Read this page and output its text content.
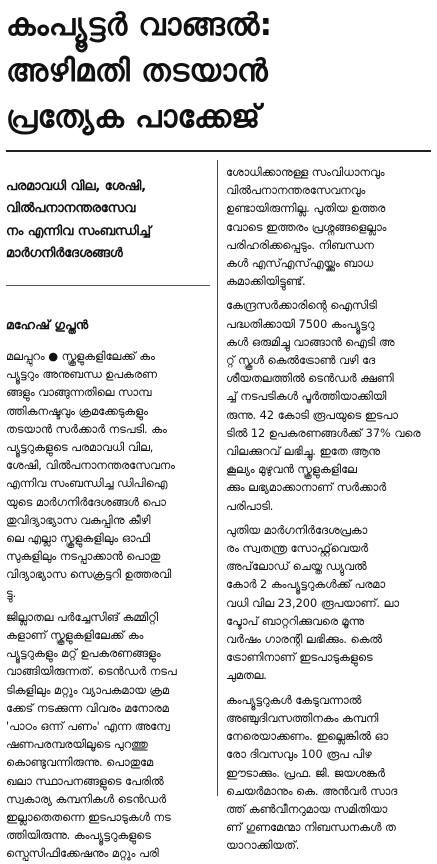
കംപ്യൂട്ടർ വാങ്ങൽ:
അഴിമതി തടയാൻ
പ്രത്യേക പാക്കേജ്
പരമാവധി വില, ശേഷി,
വിൽപനാനന്തരസേവ
നം എന്നിവ സംബന്ധിച്ച്
മാർഗനിർദേശങ്ങൾ
മഹേഷ് ഗുപ്തൻ

മലപ്പുറം ● സ്കൂളുകളിലേക്ക് കം
പ്യൂട്ടറും അനുബന്ധ ഉപകരണ
ങ്ങളും വാങ്ങുന്നതിലെ സാമ്പ
ത്തികനഷ്ടവും ക്രമക്കേടുകളും
തടയാൻ സർക്കാർ നടപടി. കം
പ്യൂട്ടറുകളുടെ പരമാവധി വില,
ശേഷി, വിൽപനാനന്തരസേവനം
എന്നിവ സംബന്ധിച്ച ഡിപിഐ
യുടെ മാർഗനിർദേശങ്ങൾ പൊ
തുവിദ്യാഭ്യാസ വകുപ്പിനു കീഴി
ലെ എല്ലാ സ്കൂളുകളിലും ഓഫി
സുകളിലും നടപ്പാക്കാൻ പൊതു
വിദ്യാഭ്യാസ സെക്രട്ടറി ഉത്തരവി
ട്ടു.

ജില്ലാതല പർച്ചേസിങ് കമ്മിറ്റി
കളാണ് സ്കൂളുകളിലേക്ക് കം
പ്യൂട്ടറുകളും മറ്റ് ഉപകരണങ്ങളും
വാങ്ങിയിരുന്നത്. ടെൻഡർ നടപ
ടികളിലും മറ്റും വ്യാപകമായ ക്രമ
ക്കേട് നടക്കുന്ന വിവരം മനോരമ
'പാഠം ഒന്ന് പണം' എന്ന അന്വേ
ഷണപരമ്പരയിലൂടെ പുറത്തു
കൊണ്ടുവന്നിരുന്നു. പൊതുമേ
ഖലാ സ്ഥാപനങ്ങളുടെ പേരിൽ
സ്വകാര്യ കമ്പനികൾ ടെൻഡർ
ഇല്ലാതെതന്നെ ഇടപാടുകൾ നട
ത്തിയിരുന്നു. കംപ്യൂട്ടറുകളുടെ
സ്പെസിഫിക്കേഷനും മറ്റും പരി

ശോധിക്കാനുള്ള സംവിധാനവും
വിൽപനാനന്തരസേവനവും
ഉണ്ടായിരുന്നില്ല. പുതിയ ഉത്തര
വോടെ ഇത്തരം പ്രശ്നങ്ങളെല്ലാം
പരിഹരിക്കപ്പെടും. നിബന്ധന
കൾ എസ്എസ്എയ്ക്കും ബാധ
കമാക്കിയിട്ടുണ്ട്.

കേന്ദ്രസർക്കാരിന്റെ ഐസിടി
പദ്ധതിക്കായി 7500 കംപ്യൂട്ടറു
കൾ ഒരുമിച്ചു വാങ്ങാൻ ഐടി അ
റ്റ് സ്കൂൾ കെൽട്രോൺ വഴി ദേ
ശീയതലത്തിൽ ടെൻഡർ ക്ഷണി
ച്ച് നടപടികൾ പൂർത്തിയാക്കിയി
രുന്നു. 42 കോടി രൂപയുടെ ഇടപാ
ടിൽ 12 ഉപകരണങ്ങൾക്ക് 37% വരെ
വിലക്കുറവ് ലഭിച്ചു. ഇതേ ആനു
കൂല്യം മുഴുവൻ സ്കൂളുകളിലേ
ക്കും ലഭ്യമാക്കാനാണ് സർക്കാർ
പരിപാടി.

പുതിയ മാർഗനിർദേശപ്രകാ
രം സ്വതന്ത്ര സോഫ്റ്റ്‌വെയർ
അപ്‌ലോഡ് ചെയ്ത ഡ്യുവൽ
കോർ 2 കംപ്യൂട്ടറുകൾക്ക് പരമാ
വധി വില 23,200 രൂപയാണ്. ലാ
പ്ടോപ് ബാറ്ററിക്കുവരെ മൂന്നു
വർഷം ഗാരന്റി ലഭിക്കും. കെൽ
ട്രോണിനാണ് ഇടപാടുകളുടെ
ചുമതല.

കംപ്യൂട്ടറുകൾ കേടുവന്നാൽ
അഞ്ചുദിവസത്തിനകം കമ്പനി
നേരെയാക്കണം. ഇല്ലെങ്കിൽ ഓ
രോ ദിവസവും 100 രൂപ പിഴ
ഈടാക്കും. പ്രഫ. ജി. ജയശങ്കർ
ചെയർമാനും കെ. അൻവർ സാദ
ത്ത് കൺവീനറുമായ സമിതിയാ
ണ് ഗുണമേന്മാ നിബന്ധനകൾ ത
യാറാക്കിയത്.
